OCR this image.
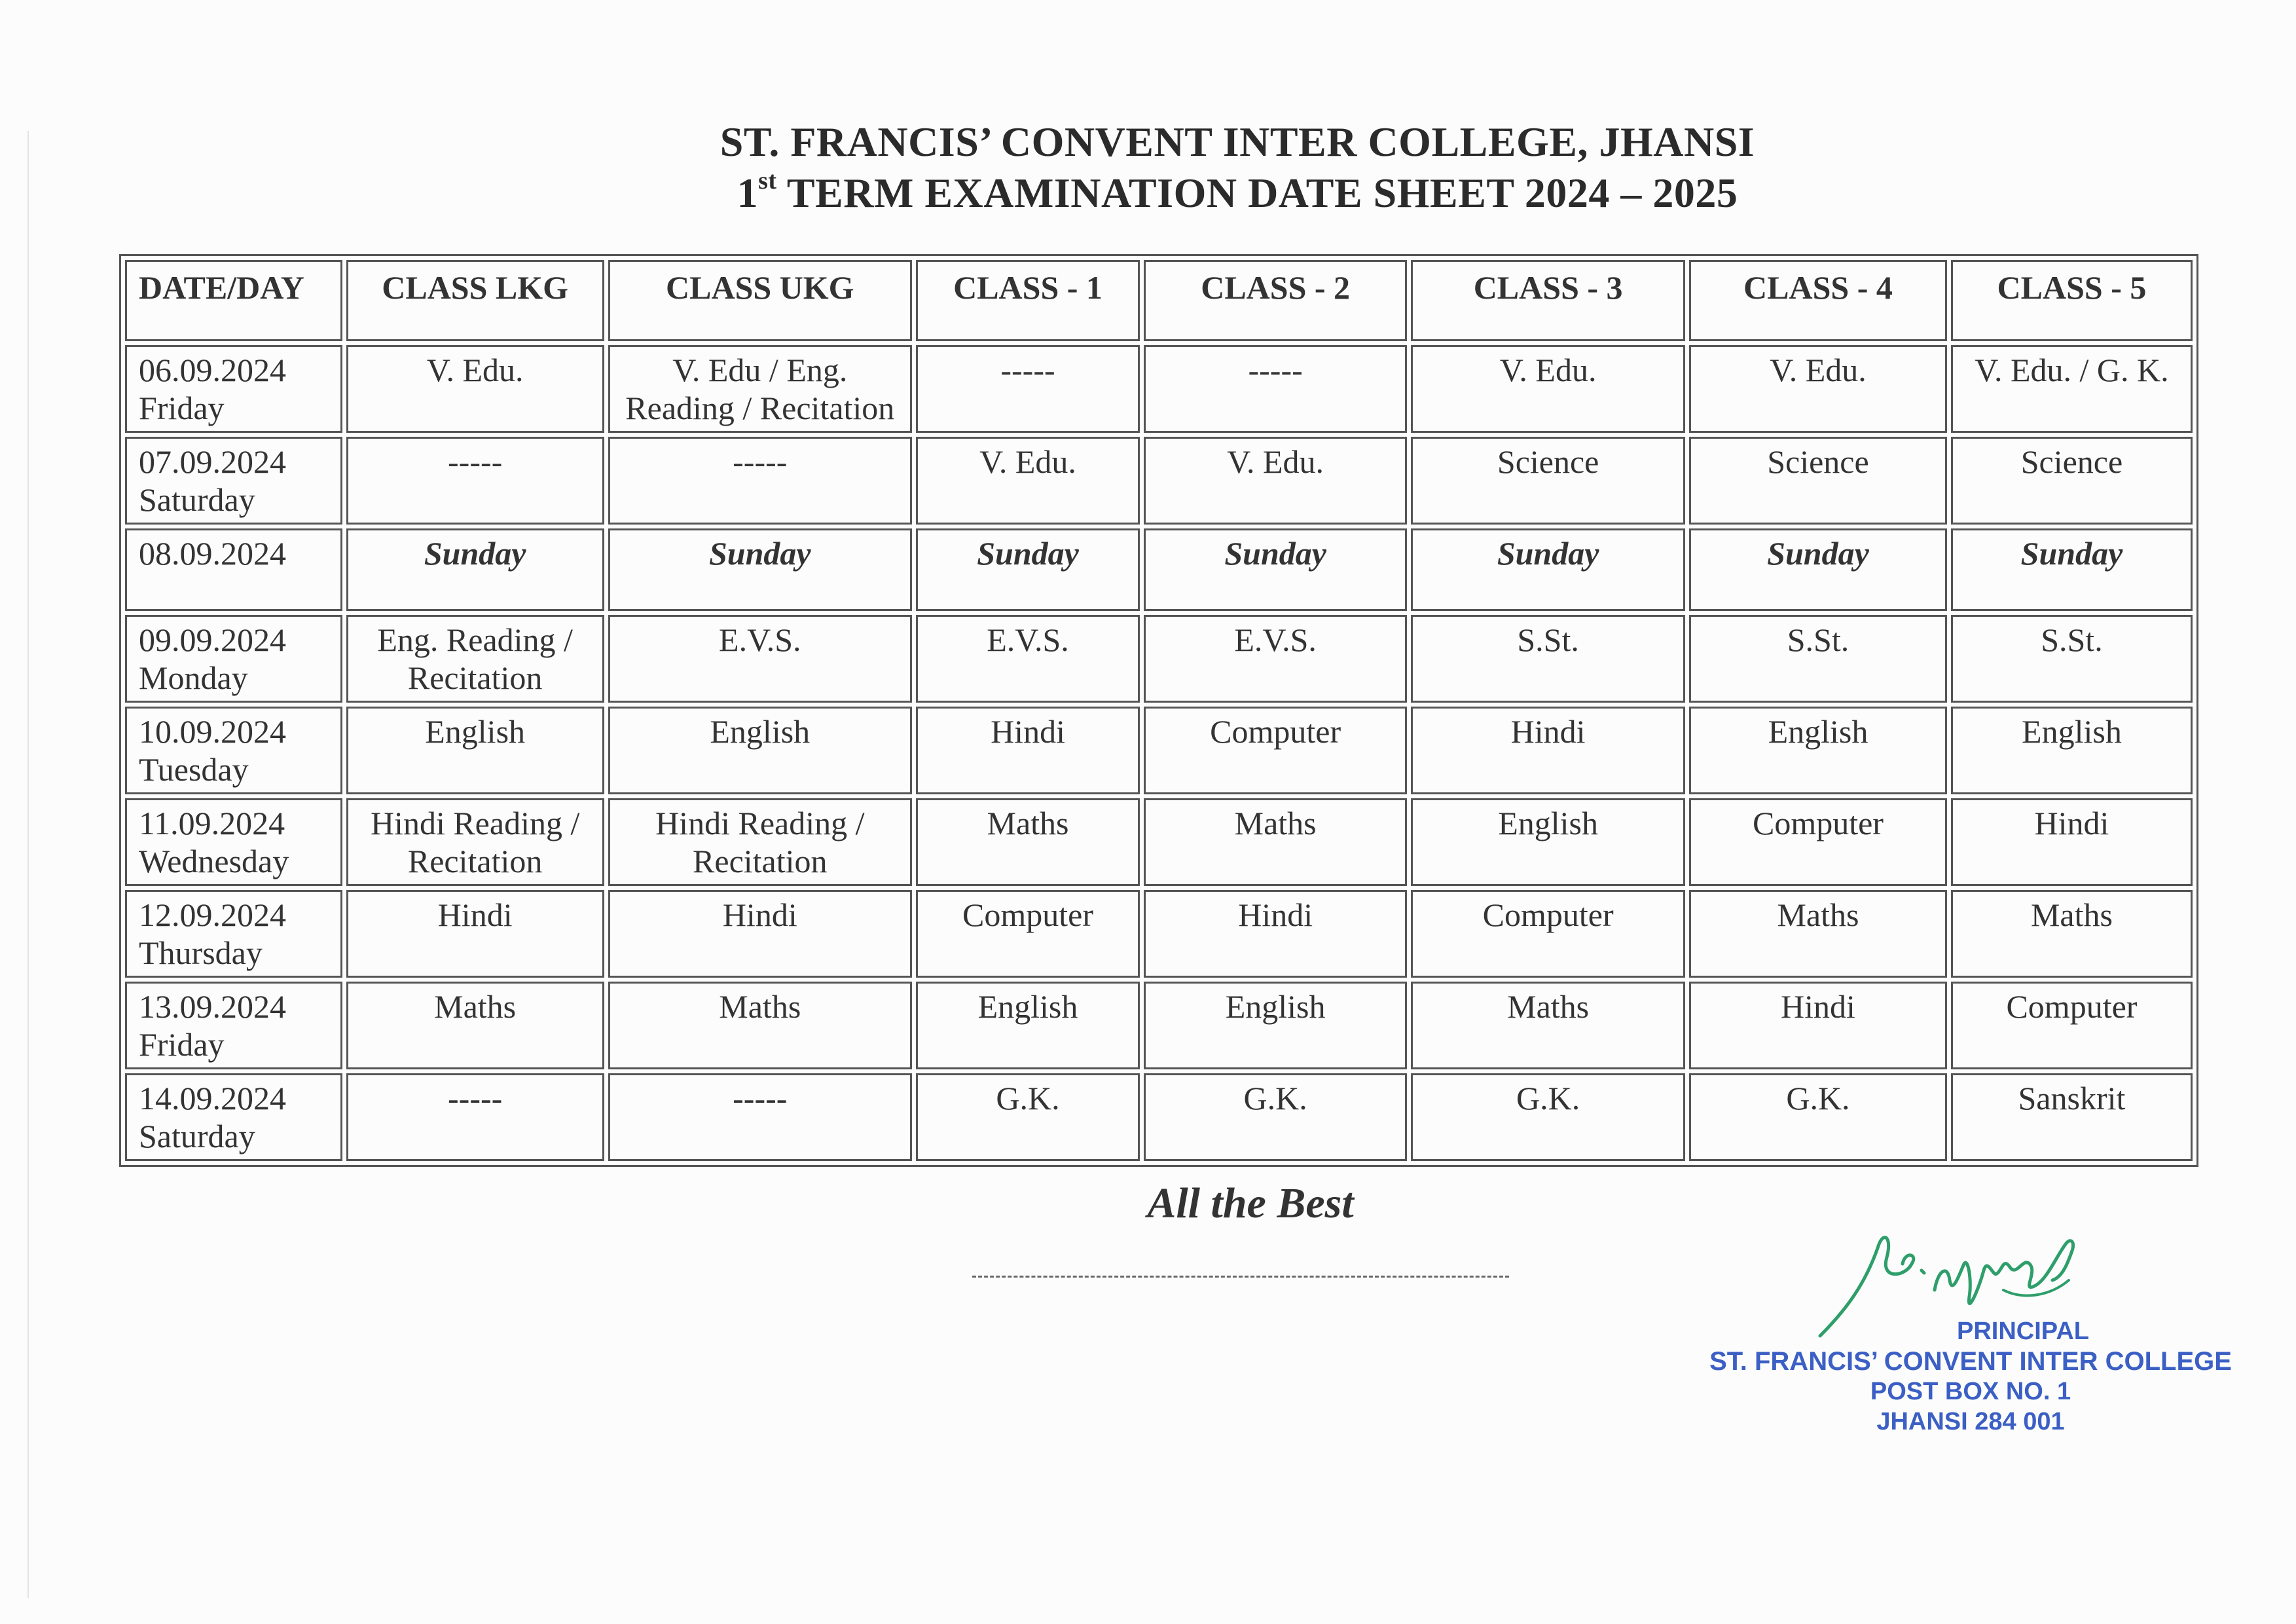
ST. FRANCIS’ CONVENT INTER COLLEGE, JHANSI
1st TERM EXAMINATION DATE SHEET 2024 – 2025
DATE/DAY	CLASS LKG	CLASS UKG	CLASS - 1	CLASS - 2	CLASS - 3	CLASS - 4	CLASS - 5

06.09.2024
Friday	V. Edu.	V. Edu / Eng. Reading / Recitation	-----	-----	V. Edu.	V. Edu.	V. Edu. / G. K.

07.09.2024
Saturday	-----	-----	V. Edu.	V. Edu.	Science	Science	Science

08.09.2024	Sunday	Sunday	Sunday	Sunday	Sunday	Sunday	Sunday

09.09.2024
Monday	Eng. Reading / Recitation	E.V.S.	E.V.S.	E.V.S.	S.St.	S.St.	S.St.

10.09.2024
Tuesday	English	English	Hindi	Computer	Hindi	English	English

11.09.2024
Wednesday	Hindi Reading / Recitation	Hindi Reading / Recitation	Maths	Maths	English	Computer	Hindi

12.09.2024
Thursday	Hindi	Hindi	Computer	Hindi	Computer	Maths	Maths

13.09.2024
Friday	Maths	Maths	English	English	Maths	Hindi	Computer

14.09.2024
Saturday	-----	-----	G.K.	G.K.	G.K.	G.K.	Sanskrit
All the Best
PRINCIPAL
ST. FRANCIS’ CONVENT INTER COLLEGE
POST BOX NO. 1
JHANSI 284 001
